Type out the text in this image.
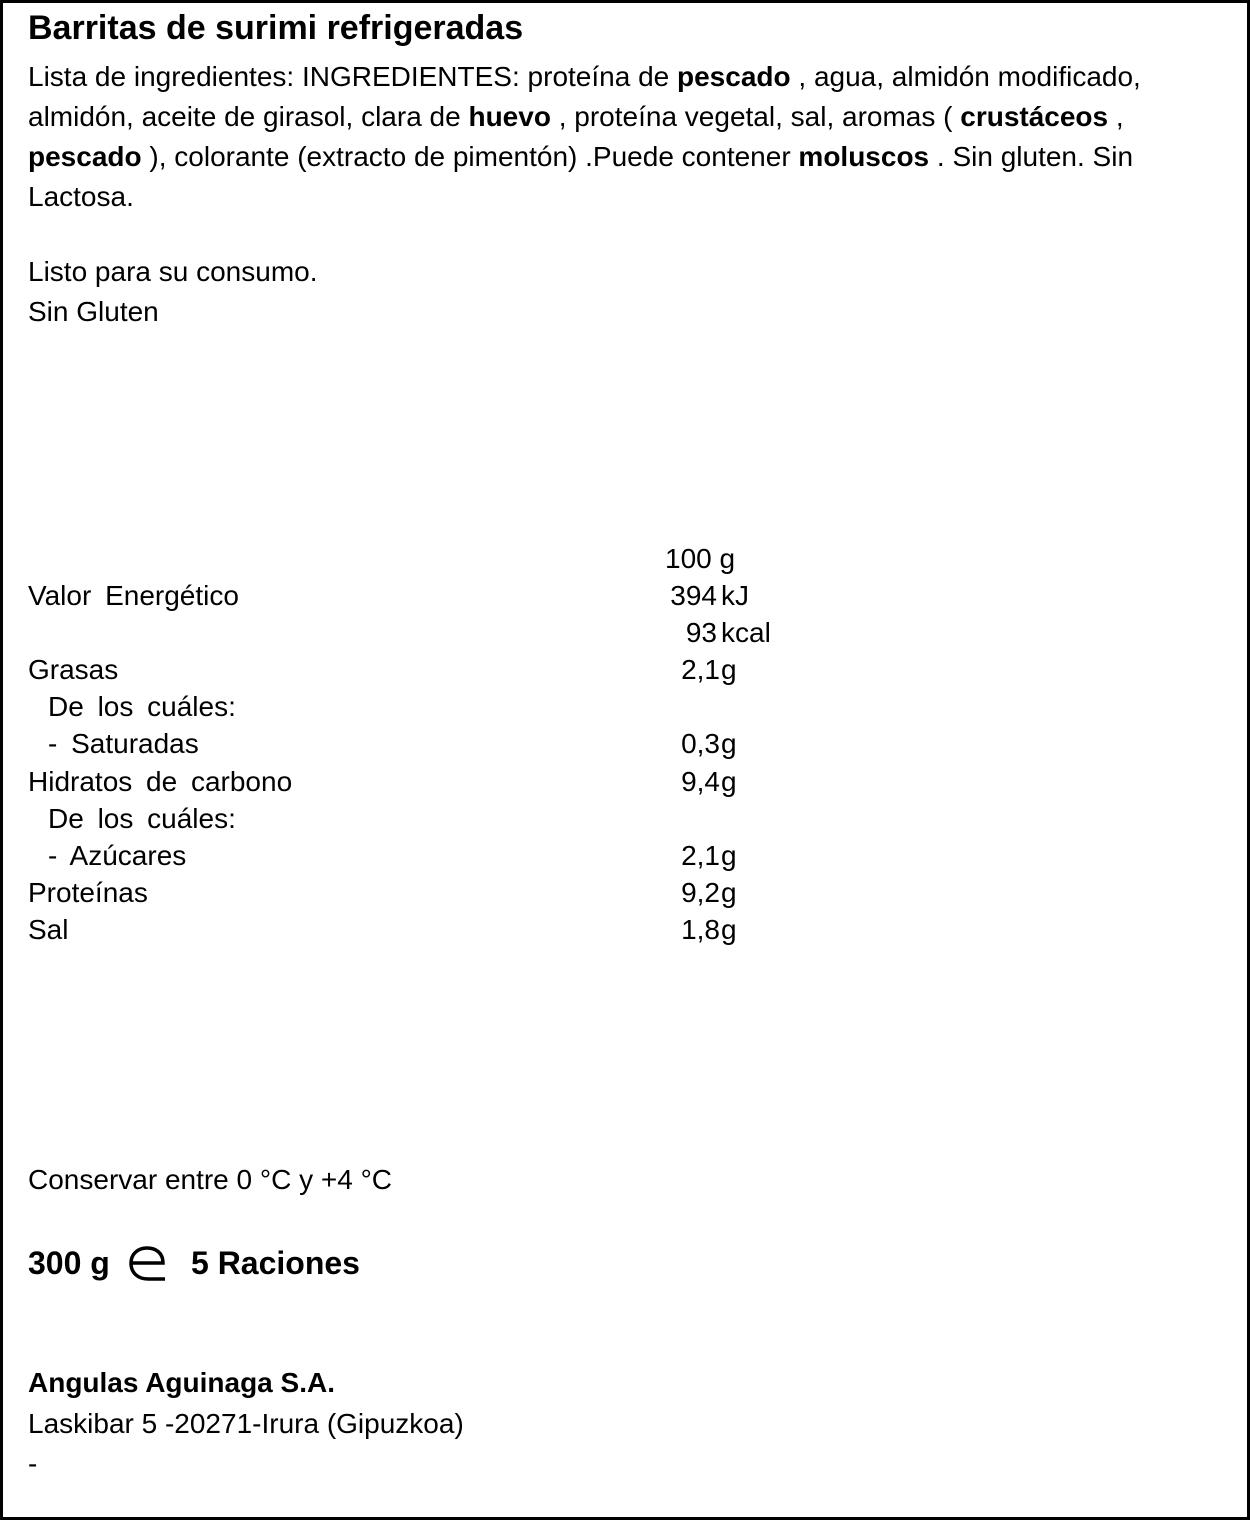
Barritas de surimi refrigeradas
Lista de ingredientes: INGREDIENTES: proteína de pescado , agua, almidón modificado, almidón, aceite de girasol, clara de huevo , proteína vegetal, sal, aromas ( crustáceos , pescado ), colorante (extracto de pimentón) .Puede contener moluscos . Sin gluten. Sin Lactosa.
Listo para su consumo.
Sin Gluten
100 g
Valor Energético	394 kJ
93 kcal
Grasas	2,1 g
De los cuáles:
- Saturadas	0,3 g
Hidratos de carbono	9,4 g
De los cuáles:
- Azúcares	2,1 g
Proteínas	9,2 g
Sal	1,8 g
Conservar entre 0 °C y +4 °C
300 g	5 Raciones
Angulas Aguinaga S.A.
Laskibar 5 -20271-Irura (Gipuzkoa)
-
